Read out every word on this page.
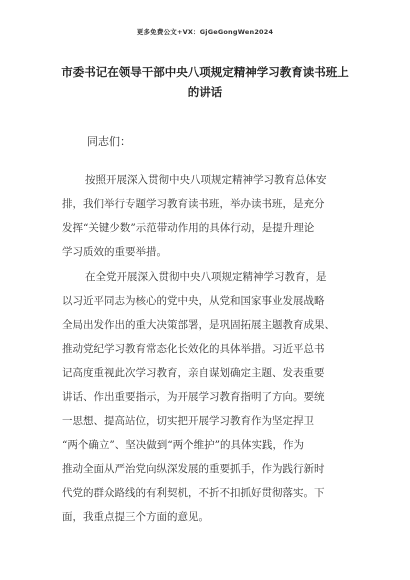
更多免费公文+VX：GjGeGongWen2024
市委书记在领导干部中央八项规定精神学习教育读书班上
的讲话
同志们：
按照开展深入贯彻中央八项规定精神学习教育总体安
排，我们举行专题学习教育读书班，举办读书班，是充分
发挥“关键少数”示范带动作用的具体行动，是提升理论
学习质效的重要举措。
在全党开展深入贯彻中央八项规定精神学习教育，是
以习近平同志为核心的党中央，从党和国家事业发展战略
全局出发作出的重大决策部署，是巩固拓展主题教育成果、
推动党纪学习教育常态化长效化的具体举措。习近平总书
记高度重视此次学习教育，亲自谋划确定主题、发表重要
讲话、作出重要指示，为开展学习教育指明了方向。要统
一思想、提高站位，切实把开展学习教育作为坚定捍卫
“两个确立”、坚决做到“两个维护”的具体实践，作为
推动全面从严治党向纵深发展的重要抓手，作为践行新时
代党的群众路线的有利契机，不折不扣抓好贯彻落实。下
面，我重点提三个方面的意见。
